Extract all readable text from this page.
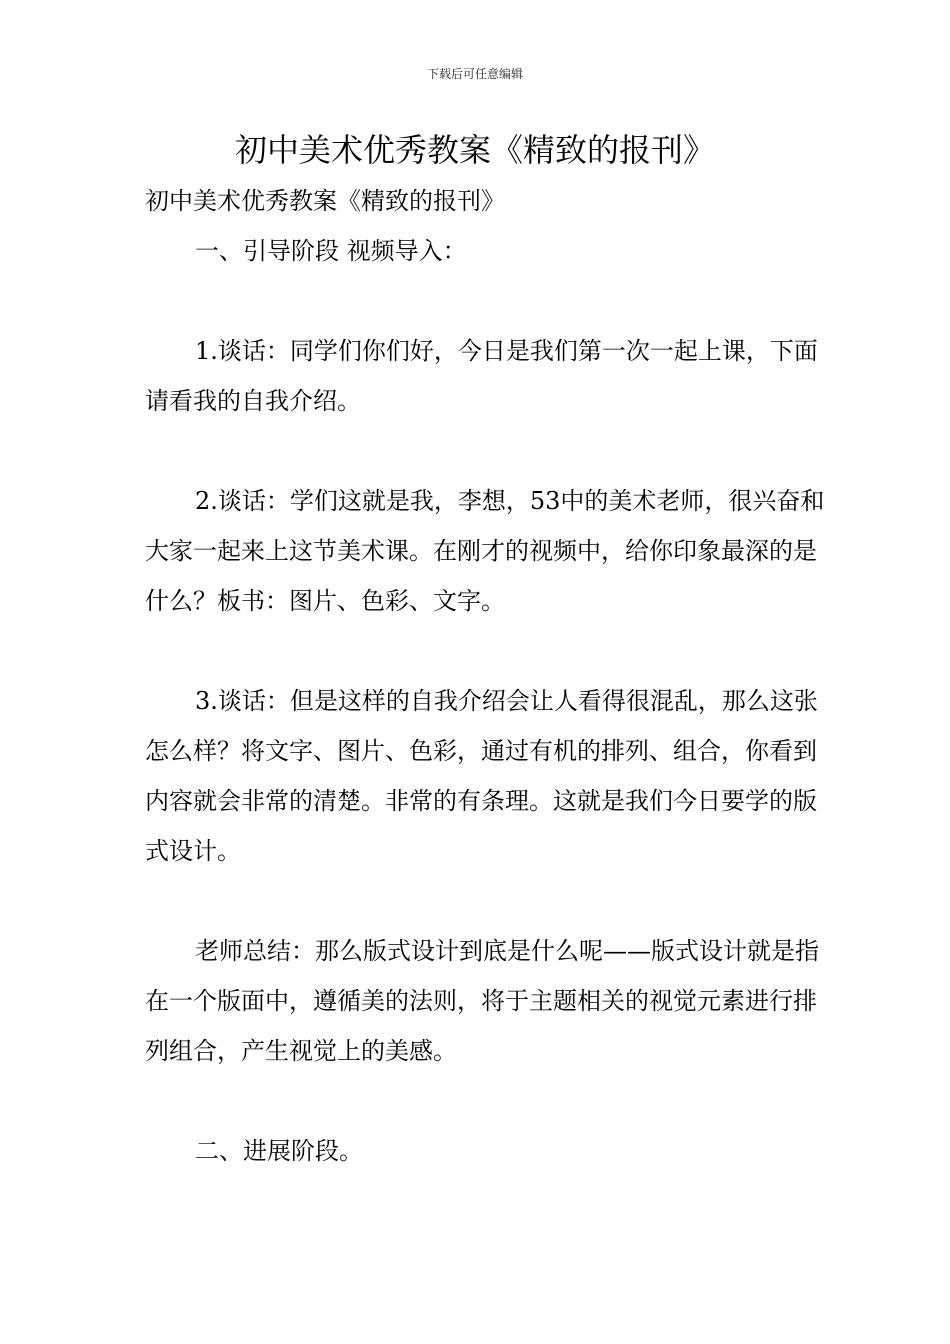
下载后可任意编辑
初中美术优秀教案《精致的报刊》

初中美术优秀教案《精致的报刊》

一、引导阶段 视频导入：

1.谈话：同学们你们好，今日是我们第一次一起上课，下面请看我的自我介绍。

2.谈话：学们这就是我，李想，53中的美术老师，很兴奋和大家一起来上这节美术课。在刚才的视频中，给你印象最深的是什么？板书：图片、色彩、文字。

3.谈话：但是这样的自我介绍会让人看得很混乱，那么这张怎么样？将文字、图片、色彩，通过有机的排列、组合，你看到内容就会非常的清楚。非常的有条理。这就是我们今日要学的版式设计。

老师总结：那么版式设计到底是什么呢——版式设计就是指在一个版面中，遵循美的法则，将于主题相关的视觉元素进行排列组合，产生视觉上的美感。

二、进展阶段。
